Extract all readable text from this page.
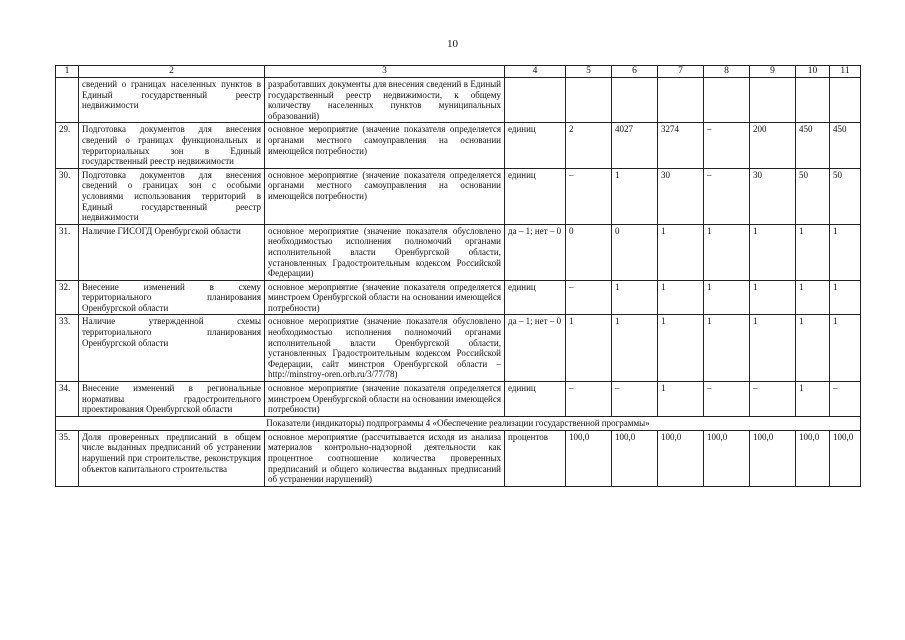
10
1	2	3	4	5	6	7	8	9	10	11
	сведений о границах населенных пунктов в Единый государственный реестр недвижимости	разработавших документы для внесения сведений в Единый государственный реестр недвижимости, к общему количеству населенных пунктов муниципальных образований)								
29.	Подготовка документов для внесения сведений о границах функциональных и территориальных зон в Единый государственный реестр недвижимости	основное мероприятие (значение показателя определяется органами местного самоуправления на основании имеющейся потребности)	единиц	2	4027	3274	–	200	450	450
30.	Подготовка документов для внесения сведений о границах зон с особыми условиями использования территорий в Единый государственный реестр недвижимости	основное мероприятие (значение показателя определяется органами местного самоуправления на основании имеющейся потребности)	единиц	–	1	30	–	30	50	50
31.	Наличие ГИСОГД Оренбургской области	основное мероприятие (значение показателя обусловлено необходимостью исполнения полномочий органами исполнительной власти Оренбургской области, установленных Градостроительным кодексом Российской Федерации)	да – 1; нет – 0	0	0	1	1	1	1	1
32.	Внесение изменений в схему территориального планирования Оренбургской области	основное мероприятие (значение показателя определяется минстроем Оренбургской области на основании имеющейся потребности)	единиц	–	1	1	1	1	1	1
33.	Наличие утвержденной схемы территориального планирования Оренбургской области	основное мероприятие (значение показателя обусловлено необходимостью исполнения полномочий органами исполнительной власти Оренбургской области, установленных Градостроительным кодексом Российской Федерации, сайт минстроя Оренбургской области – http://minstroy-oren.orb.ru/3/77/78)	да – 1; нет – 0	1	1	1	1	1	1	1
34.	Внесение изменений в региональные нормативы градостроительного проектирования Оренбургской области	основное мероприятие (значение показателя определяется минстроем Оренбургской области на основании имеющейся потребности)	единиц	–	–	1	–	–	1	–
Показатели (индикаторы) подпрограммы 4 «Обеспечение реализации государственной программы»										
35.	Доля проверенных предписаний в общем числе выданных предписаний об устранении нарушений при строительстве, реконструкция объектов капитального строительства	основное мероприятие (рассчитывается исходя из анализа материалов контрольно-надзорной деятельности как процентное соотношение количества проверенных предписаний и общего количества выданных предписаний об устранении нарушений)	процентов	100,0	100,0	100,0	100,0	100,0	100,0	100,0
